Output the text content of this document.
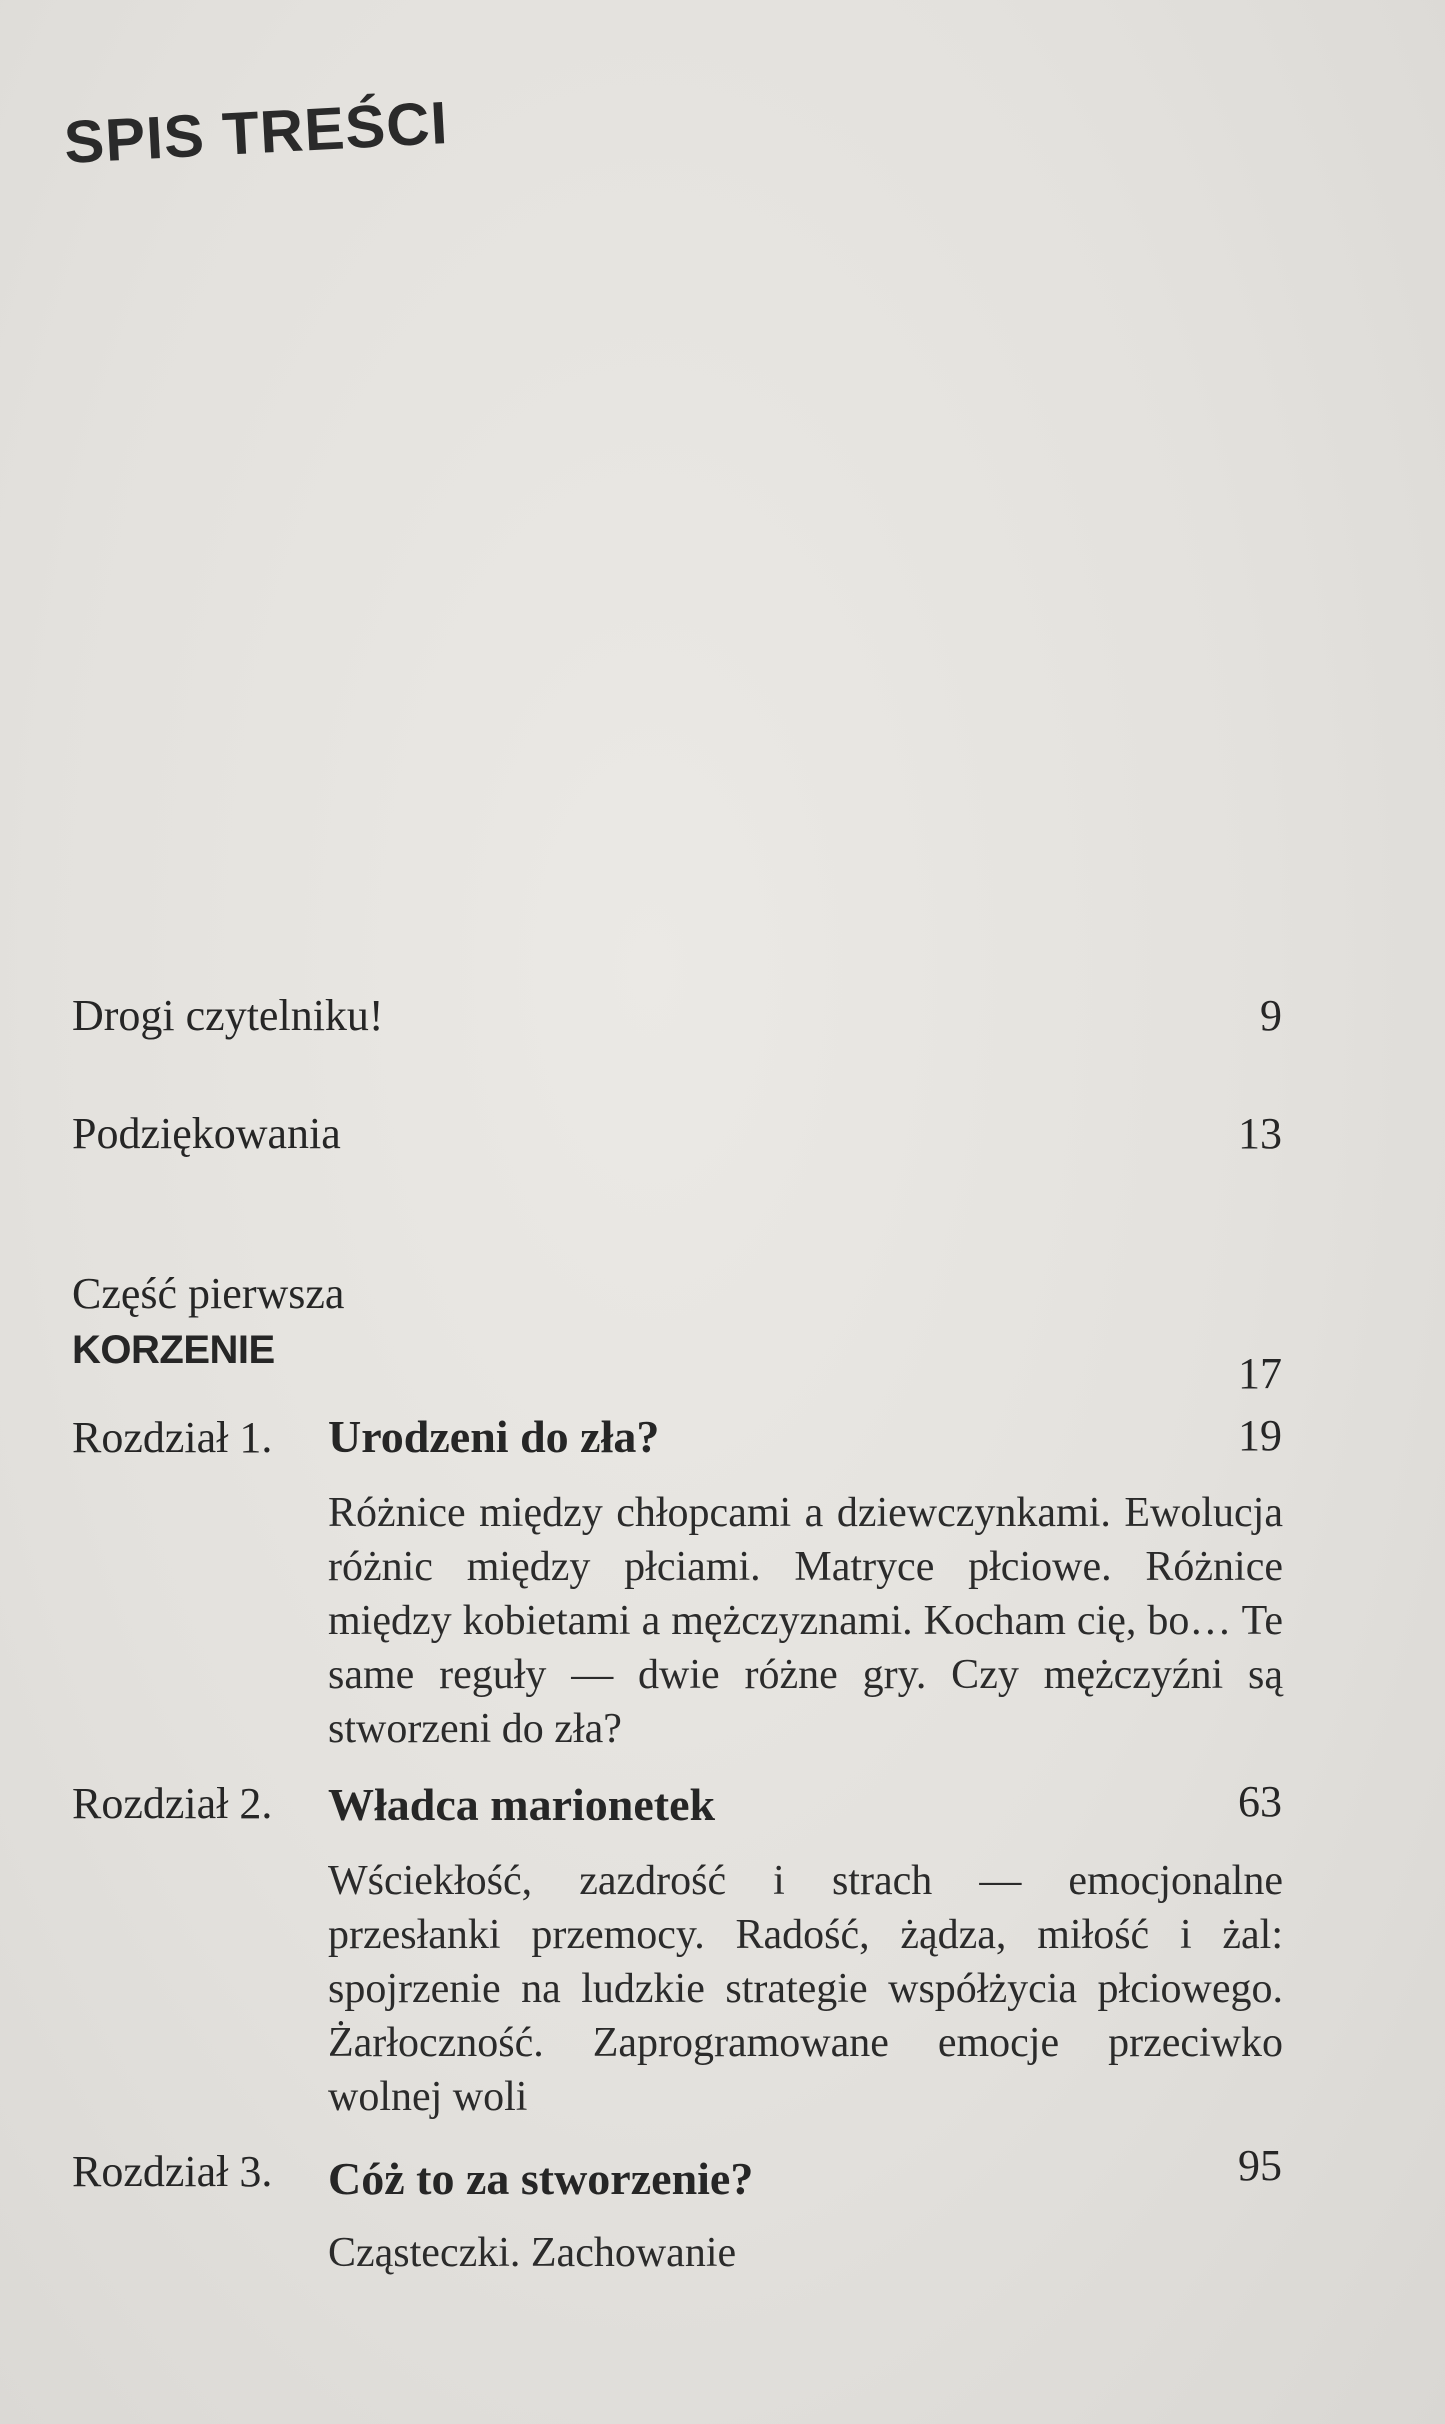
SPIS TREŚCI
Drogi czytelniku!	9
Podziękowania	13
Część pierwsza
KORZENIE	17
Rozdział 1. Urodzeni do zła?	19
Różnice między chłopcami a dziewczynkami. Ewolucja różnic między płciami. Matryce płciowe. Różnice między kobietami a mężczyznami. Kocham cię, bo… Te same reguły — dwie różne gry. Czy mężczyźni są stworzeni do zła?
Rozdział 2. Władca marionetek	63
Wściekłość, zazdrość i strach — emocjonalne przesłanki przemocy. Radość, żądza, miłość i żal: spojrzenie na ludzkie strategie współżycia płciowego. Żarłoczność. Zaprogramowane emocje przeciwko wolnej woli
Rozdział 3. Cóż to za stworzenie?	95
Cząsteczki. Zachowanie
